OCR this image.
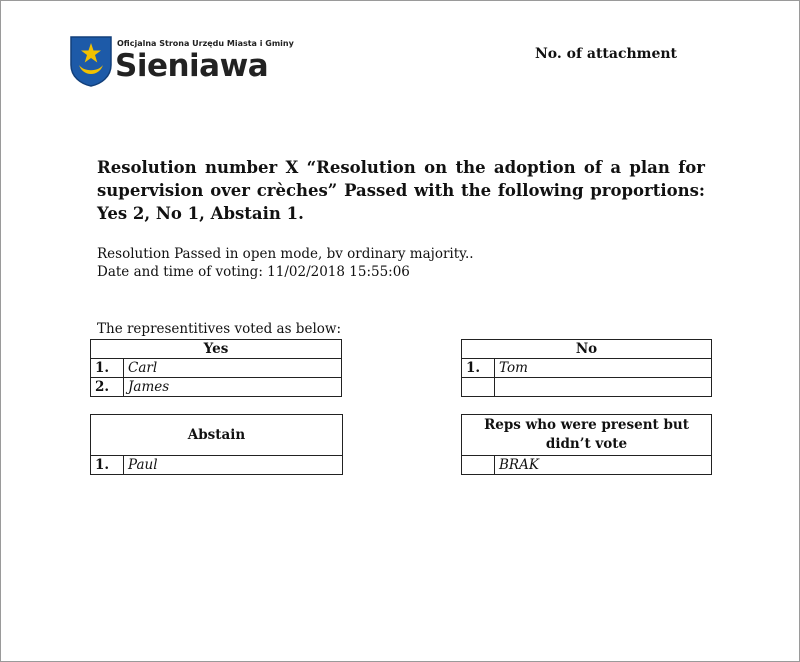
Oficjalna Strona Urzędu Miasta i Gminy
Sieniawa	No. of attachment
Resolution number X “Resolution on the adoption of a plan for supervision over crèches” Passed with the following proportions: Yes 2, No 1, Abstain 1.
Resolution Passed in open mode, bv ordinary majority..
Date and time of voting: 11/02/2018 15:55:06
The representitives voted as below:
Yes	
1.	Carl
2.	James
No	
1.	Tom

Abstain
1.	Paul
Reps who were present but didn’t vote
	BRAK
